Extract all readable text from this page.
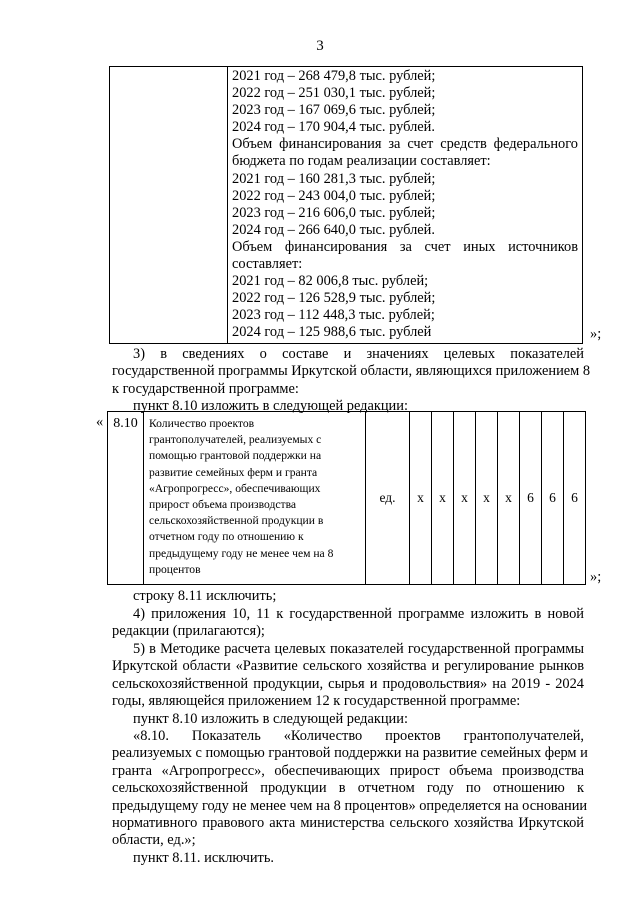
3
2021 год – 268 479,8 тыс. рублей;
2022 год – 251 030,1 тыс. рублей;
2023 год – 167 069,6 тыс. рублей;
2024 год – 170 904,4 тыс. рублей.
Объем финансирования за счет средств федерального
бюджета по годам реализации составляет:
2021 год – 160 281,3 тыс. рублей;
2022 год – 243 004,0 тыс. рублей;
2023 год – 216 606,0 тыс. рублей;
2024 год – 266 640,0 тыс. рублей.
Объем финансирования за счет иных источников
составляет:
2021 год – 82 006,8 тыс. рублей;
2022 год – 126 528,9 тыс. рублей;
2023 год – 112 448,3 тыс. рублей;
2024 год – 125 988,6 тыс. рублей	»;
3) в сведениях о составе и значениях целевых показателей
государственной программы Иркутской области, являющихся приложением 8
к государственной программе:
пункт 8.10 изложить в следующей редакции:
« 8.10	Количество проектов
грантополучателей, реализуемых с
помощью грантовой поддержки на
развитие семейных ферм и гранта
«Агропрогресс», обеспечивающих
прирост объема производства
сельскохозяйственной продукции в
отчетном году по отношению к
предыдущему году не менее чем на 8
процентов
	ед.	х	х	х	х	х	6	6	6
»;
строку 8.11 исключить;
4) приложения 10, 11 к государственной программе изложить в новой
редакции (прилагаются);
5) в Методике расчета целевых показателей государственной программы
Иркутской области «Развитие сельского хозяйства и регулирование рынков
сельскохозяйственной продукции, сырья и продовольствия» на 2019 - 2024
годы, являющейся приложением 12 к государственной программе:
пункт 8.10 изложить в следующей редакции:
«8.10. Показатель «Количество проектов грантополучателей,
реализуемых с помощью грантовой поддержки на развитие семейных ферм и
гранта «Агропрогресс», обеспечивающих прирост объема производства
сельскохозяйственной продукции в отчетном году по отношению к
предыдущему году не менее чем на 8 процентов» определяется на основании
нормативного правового акта министерства сельского хозяйства Иркутской
области, ед.»;
пункт 8.11. исключить.
